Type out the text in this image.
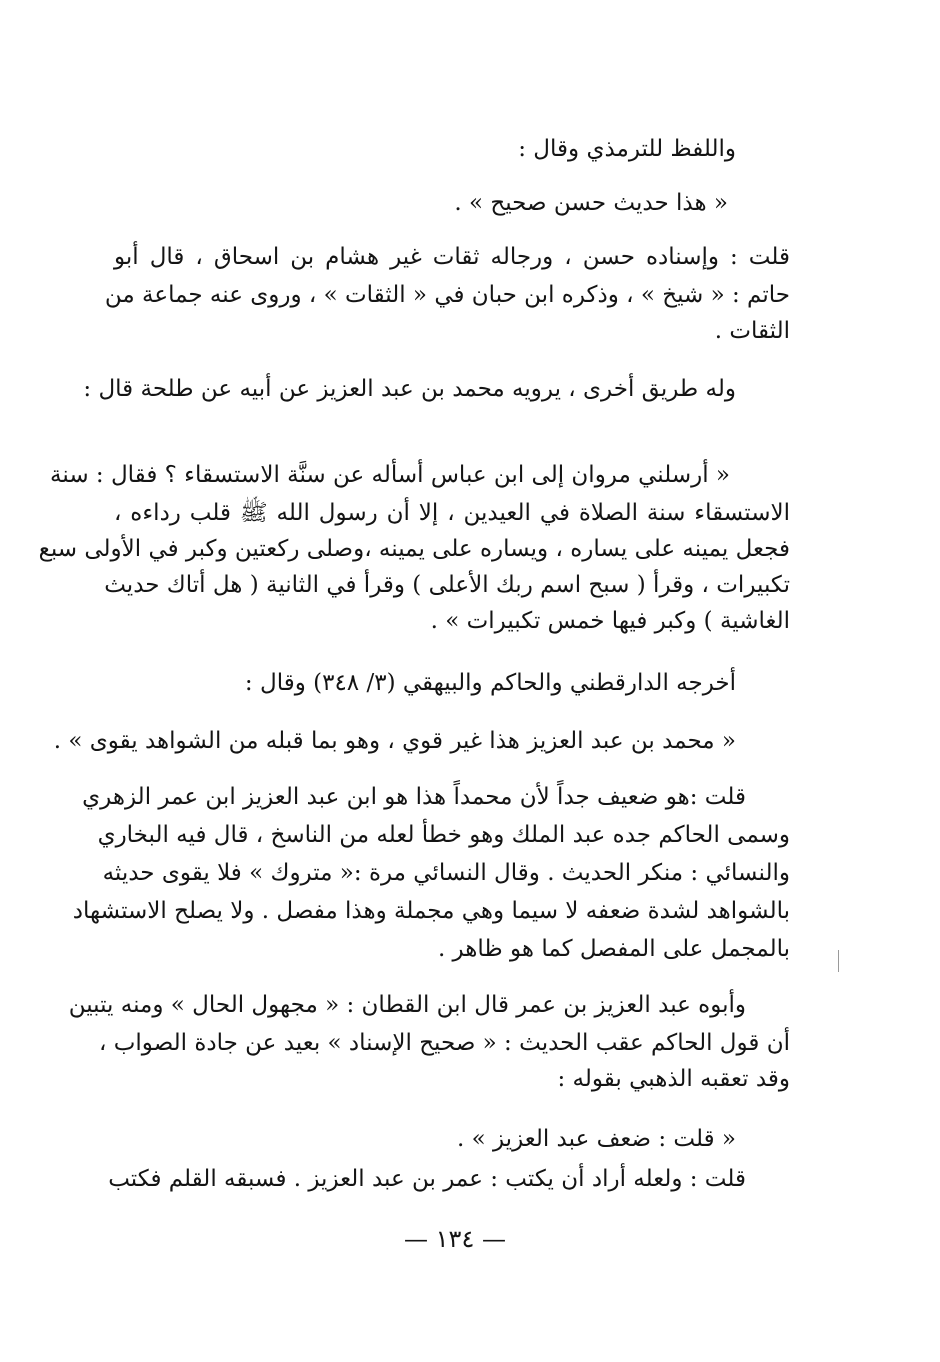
واللفظ للترمذي وقال :
« هذا حديث حسن صحيح » .
قلت : وإسناده حسن ، ورجاله ثقات غير هشام بن اسحاق ، قال أبو
حاتم : « شيخ » ، وذكره ابن حبان في « الثقات » ، وروى عنه جماعة من
الثقات .
وله طريق أخرى ، يرويه محمد بن عبد العزيز عن أبيه عن طلحة قال :
« أرسلني مروان إلى ابن عباس أسأله عن سنَّة الاستسقاء ؟ فقال : سنة
الاستسقاء سنة الصلاة في العيدين ، إلا أن رسول الله ﷺ قلب رداءه ،
فجعل يمينه على يساره ، ويساره على يمينه ،وصلى ركعتين وكبر في الأولى سبع
تكبيرات ، وقرأ ( سبح اسم ربك الأعلى ) وقرأ في الثانية ( هل أتاك حديث
الغاشية ) وكبر فيها خمس تكبيرات » .
أخرجه الدارقطني والحاكم والبيهقي (٣/ ٣٤٨) وقال :
« محمد بن عبد العزيز هذا غير قوي ، وهو بما قبله من الشواهد يقوى » .
قلت :هو ضعيف جداً لأن محمداً هذا هو ابن عبد العزيز ابن عمر الزهري
وسمى الحاكم جده عبد الملك وهو خطأ لعله من الناسخ ، قال فيه البخاري
والنسائي : منكر الحديث . وقال النسائي مرة :« متروك » فلا يقوى حديثه
بالشواهد لشدة ضعفه لا سيما وهي مجملة وهذا مفصل . ولا يصلح الاستشهاد
بالمجمل على المفصل كما هو ظاهر .
وأبوه عبد العزيز بن عمر قال ابن القطان : « مجهول الحال » ومنه يتبين
أن قول الحاكم عقب الحديث : « صحيح الإسناد » بعيد عن جادة الصواب ،
وقد تعقبه الذهبي بقوله :
« قلت : ضعف عبد العزيز » .
قلت : ولعله أراد أن يكتب : عمر بن عبد العزيز . فسبقه القلم فكتب
— ١٣٤ —
